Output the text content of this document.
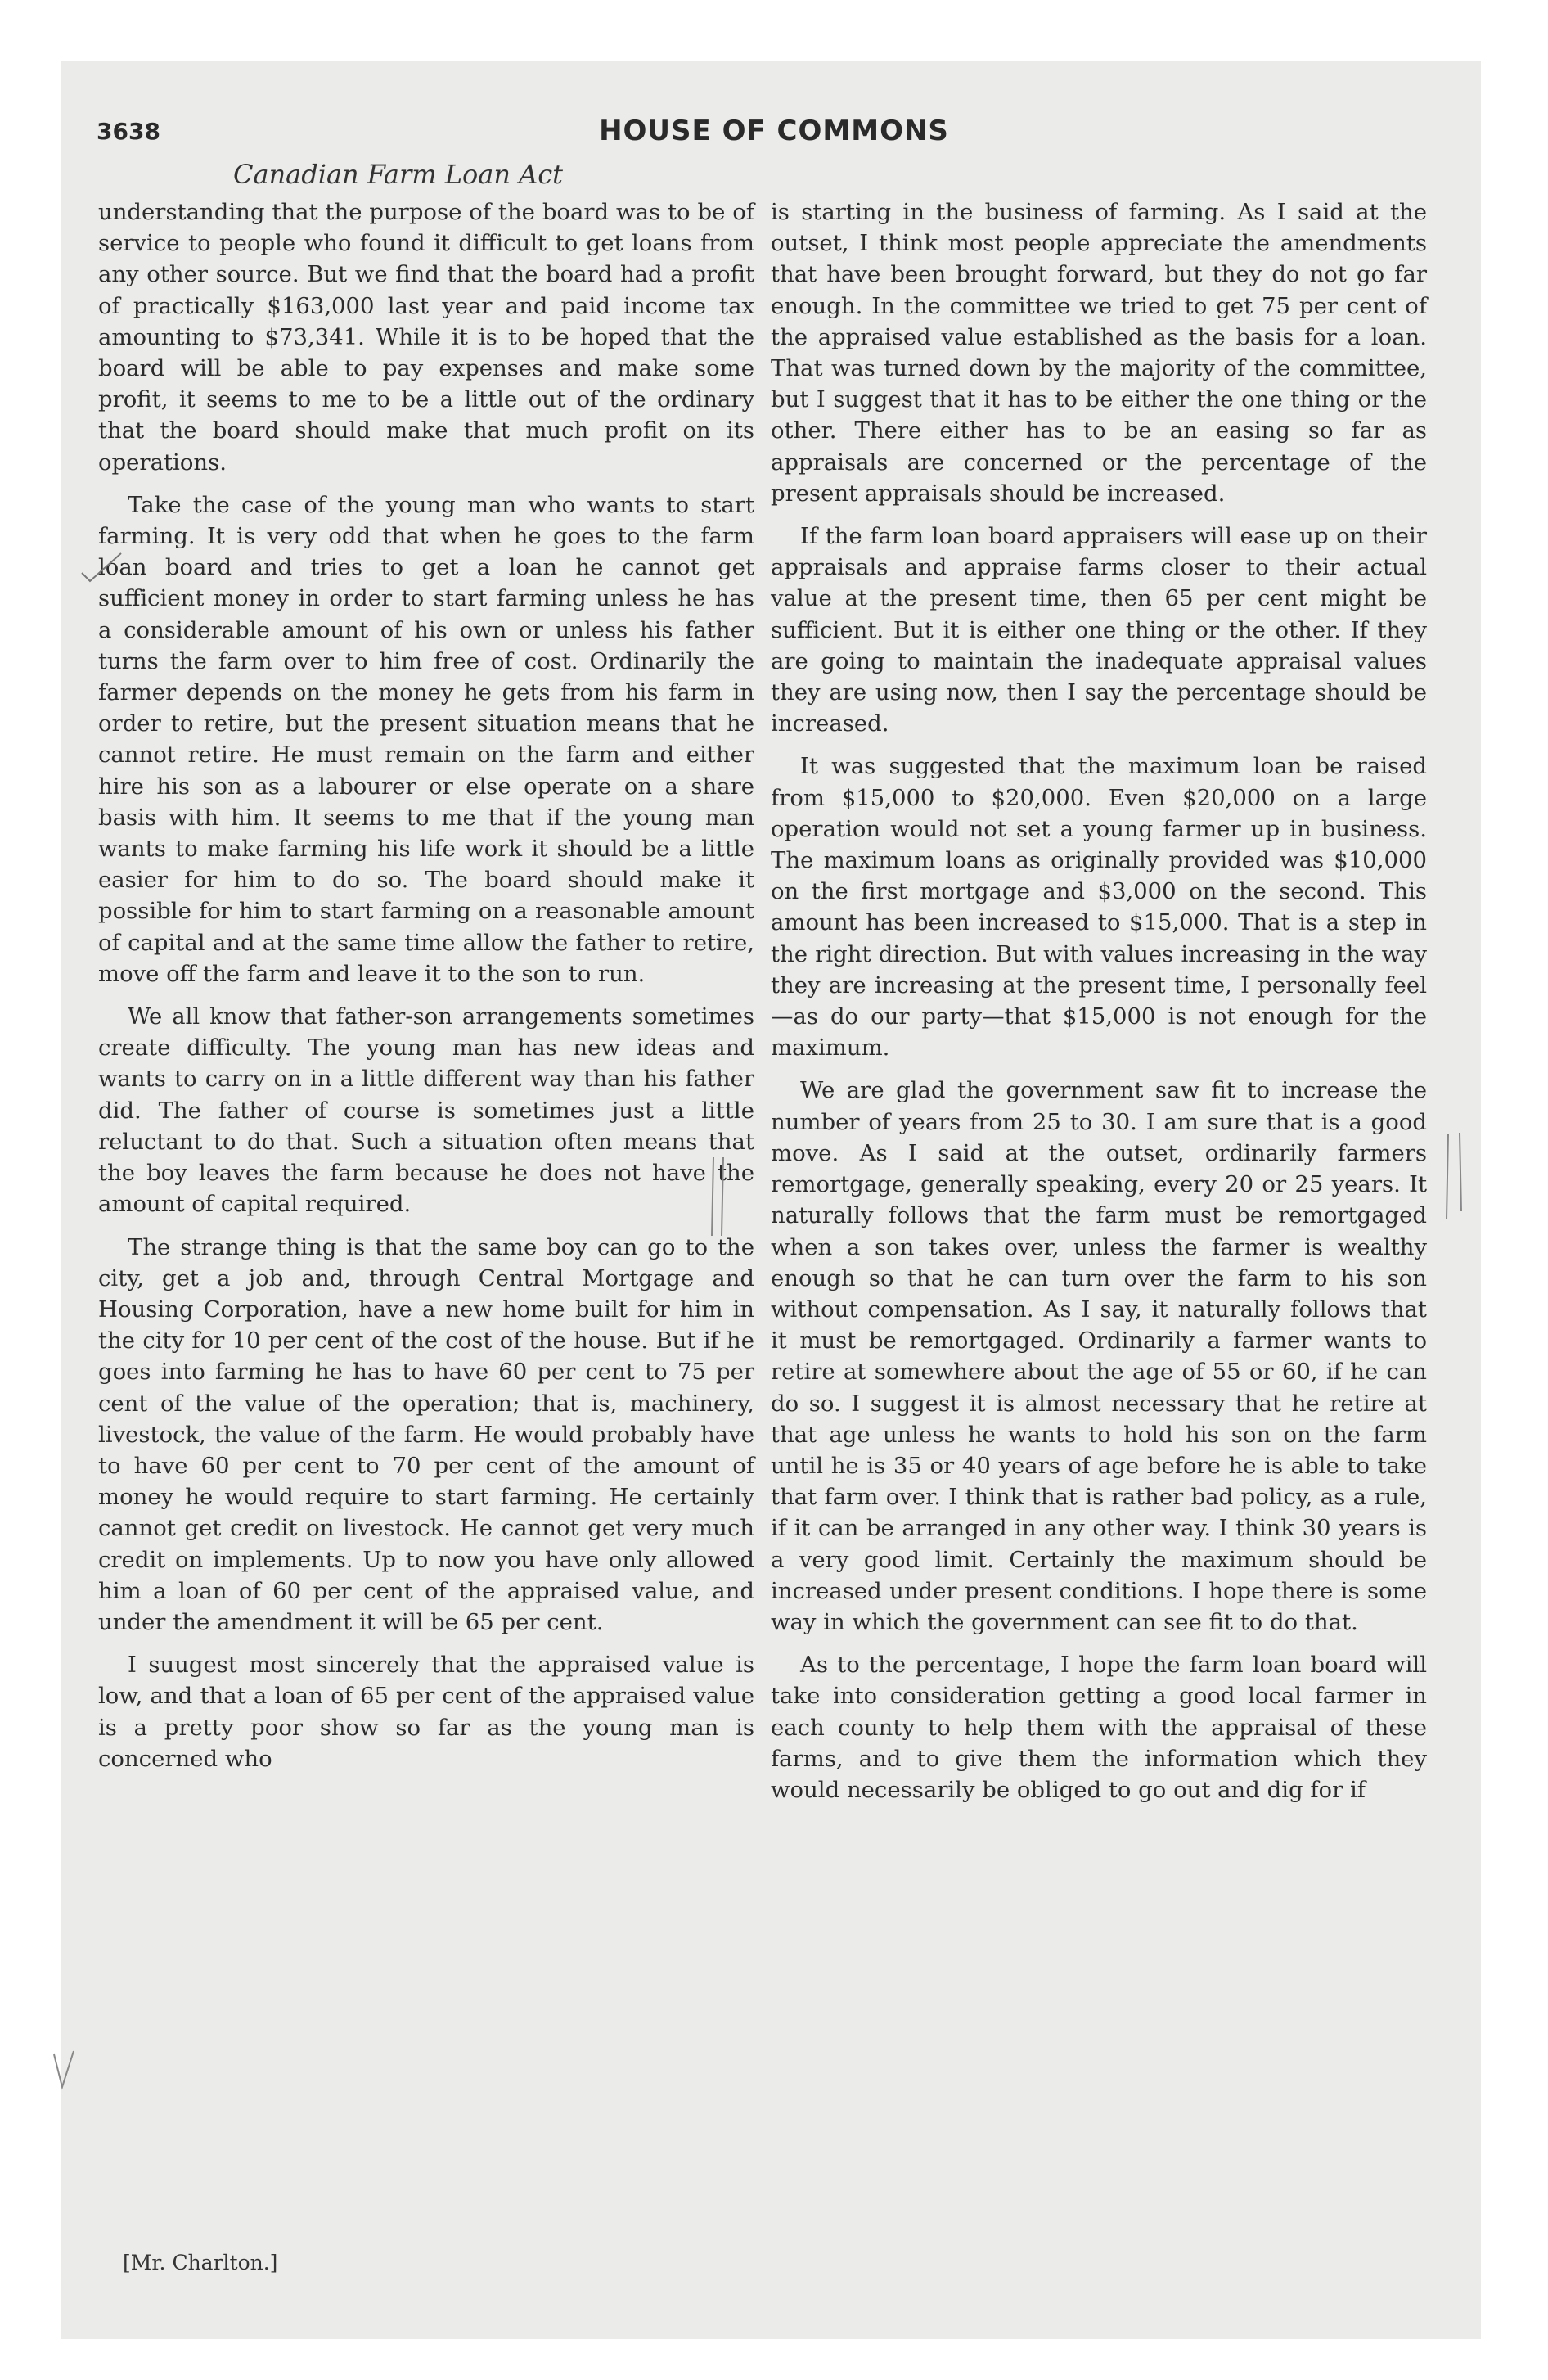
3638	HOUSE OF COMMONS
Canadian Farm Loan Act

understanding that the purpose of the board was to be of service to people who found it difficult to get loans from any other source. But we find that the board had a profit of practically $163,000 last year and paid income tax amounting to $73,341. While it is to be hoped that the board will be able to pay expenses and make some profit, it seems to me to be a little out of the ordinary that the board should make that much profit on its operations.

Take the case of the young man who wants to start farming. It is very odd that when he goes to the farm loan board and tries to get a loan he cannot get sufficient money in order to start farming unless he has a considerable amount of his own or unless his father turns the farm over to him free of cost. Ordinarily the farmer depends on the money he gets from his farm in order to retire, but the present situation means that he cannot retire. He must remain on the farm and either hire his son as a labourer or else operate on a share basis with him. It seems to me that if the young man wants to make farming his life work it should be a little easier for him to do so. The board should make it possible for him to start farming on a reasonable amount of capital and at the same time allow the father to retire, move off the farm and leave it to the son to run.

We all know that father-son arrangements sometimes create difficulty. The young man has new ideas and wants to carry on in a little different way than his father did. The father of course is sometimes just a little reluctant to do that. Such a situation often means that the boy leaves the farm because he does not have the amount of capital required.

The strange thing is that the same boy can go to the city, get a job and, through Central Mortgage and Housing Corporation, have a new home built for him in the city for 10 per cent of the cost of the house. But if he goes into farming he has to have 60 per cent to 75 per cent of the value of the operation; that is, machinery, livestock, the value of the farm. He would probably have to have 60 per cent to 70 per cent of the amount of money he would require to start farming. He certainly cannot get credit on livestock. He cannot get very much credit on implements. Up to now you have only allowed him a loan of 60 per cent of the appraised value, and under the amendment it will be 65 per cent.

I suugest most sincerely that the appraised value is low, and that a loan of 65 per cent of the appraised value is a pretty poor show so far as the young man is concerned who

is starting in the business of farming. As I said at the outset, I think most people appreciate the amendments that have been brought forward, but they do not go far enough. In the committee we tried to get 75 per cent of the appraised value established as the basis for a loan. That was turned down by the majority of the committee, but I suggest that it has to be either the one thing or the other. There either has to be an easing so far as appraisals are concerned or the percentage of the present appraisals should be increased.

If the farm loan board appraisers will ease up on their appraisals and appraise farms closer to their actual value at the present time, then 65 per cent might be sufficient. But it is either one thing or the other. If they are going to maintain the inadequate appraisal values they are using now, then I say the percentage should be increased.

It was suggested that the maximum loan be raised from $15,000 to $20,000. Even $20,000 on a large operation would not set a young farmer up in business. The maximum loans as originally provided was $10,000 on the first mortgage and $3,000 on the second. This amount has been increased to $15,000. That is a step in the right direction. But with values increasing in the way they are increasing at the present time, I personally feel—as do our party—that $15,000 is not enough for the maximum.

We are glad the government saw fit to increase the number of years from 25 to 30. I am sure that is a good move. As I said at the outset, ordinarily farmers remortgage, generally speaking, every 20 or 25 years. It naturally follows that the farm must be remortgaged when a son takes over, unless the farmer is wealthy enough so that he can turn over the farm to his son without compensation. As I say, it naturally follows that it must be remortgaged. Ordinarily a farmer wants to retire at somewhere about the age of 55 or 60, if he can do so. I suggest it is almost necessary that he retire at that age unless he wants to hold his son on the farm until he is 35 or 40 years of age before he is able to take that farm over. I think that is rather bad policy, as a rule, if it can be arranged in any other way. I think 30 years is a very good limit. Certainly the maximum should be increased under present conditions. I hope there is some way in which the government can see fit to do that.

As to the percentage, I hope the farm loan board will take into consideration getting a good local farmer in each county to help them with the appraisal of these farms, and to give them the information which they would necessarily be obliged to go out and dig for if

[Mr. Charlton.]
